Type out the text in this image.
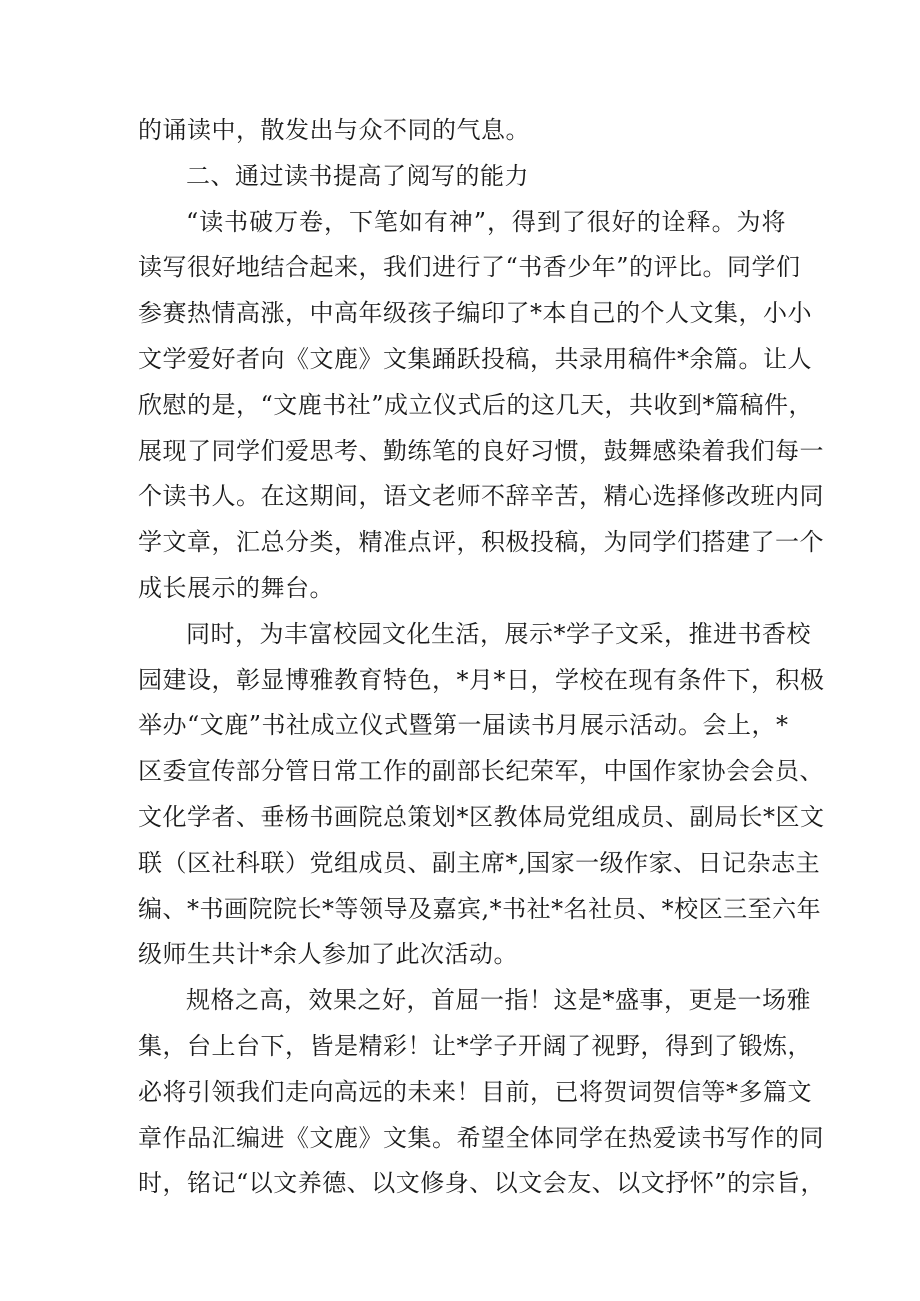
的诵读中，散发出与众不同的气息。
二、通过读书提高了阅写的能力
“读书破万卷，下笔如有神”，得到了很好的诠释。为将
读写很好地结合起来，我们进行了“书香少年”的评比。同学们
参赛热情高涨，中高年级孩子编印了*本自己的个人文集，小小
文学爱好者向《文鹿》文集踊跃投稿，共录用稿件*余篇。让人
欣慰的是，“文鹿书社”成立仪式后的这几天，共收到*篇稿件，
展现了同学们爱思考、勤练笔的良好习惯，鼓舞感染着我们每一
个读书人。在这期间，语文老师不辞辛苦，精心选择修改班内同
学文章，汇总分类，精准点评，积极投稿，为同学们搭建了一个
成长展示的舞台。
同时，为丰富校园文化生活，展示*学子文采，推进书香校
园建设，彰显博雅教育特色，*月*日，学校在现有条件下，积极
举办“文鹿”书社成立仪式暨第一届读书月展示活动。会上，*
区委宣传部分管日常工作的副部长纪荣军，中国作家协会会员、
文化学者、垂杨书画院总策划*区教体局党组成员、副局长*区文
联（区社科联）党组成员、副主席*,国家一级作家、日记杂志主
编、*书画院院长*等领导及嘉宾,*书社*名社员、*校区三至六年
级师生共计*余人参加了此次活动。
规格之高，效果之好，首屈一指！这是*盛事，更是一场雅
集，台上台下，皆是精彩！让*学子开阔了视野，得到了锻炼，
必将引领我们走向高远的未来！目前，已将贺词贺信等*多篇文
章作品汇编进《文鹿》文集。希望全体同学在热爱读书写作的同
时，铭记“以文养德、以文修身、以文会友、以文抒怀”的宗旨，
